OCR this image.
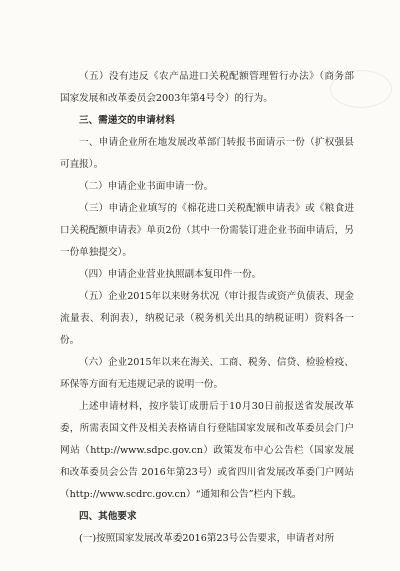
（五）没有违反《农产品进口关税配额管理暂行办法》（商务部 国家发展和改革委员会2003年第4号令）的行为。

三、需递交的申请材料

一、申请企业所在地发展改革部门转报书面请示一份（扩权强县可直报）。

（二）申请企业书面申请一份。

（三）申请企业填写的《棉花进口关税配额申请表》或《粮食进口关税配额申请表》单页2份（其中一份需装订进企业书面申请后，另一份单独提交）。

（四）申请企业营业执照副本复印件一份。

（五）企业2015年以来财务状况（审计报告或资产负债表、现金流量表、利润表），纳税记录（税务机关出具的纳税证明）资料各一份。

（六）企业2015年以来在海关、工商、税务、信贷、检验检疫、环保等方面有无违规记录的说明一份。

上述申请材料，按序装订成册后于10月30日前报送省发展改革委，所需表国文件及相关表格请自行登陆国家发展和改革委员会门户网站（http://www.sdpc.gov.cn）政策发布中心公告栏（国家发展和改革委员会公告 2016年第23号）或省四川省发展改革委门户网站（http://www.scdrc.gov.cn）“通知和公告”栏内下载。

四、其他要求

(一)按照国家发展改革委2016第23号公告要求，申请者对所
